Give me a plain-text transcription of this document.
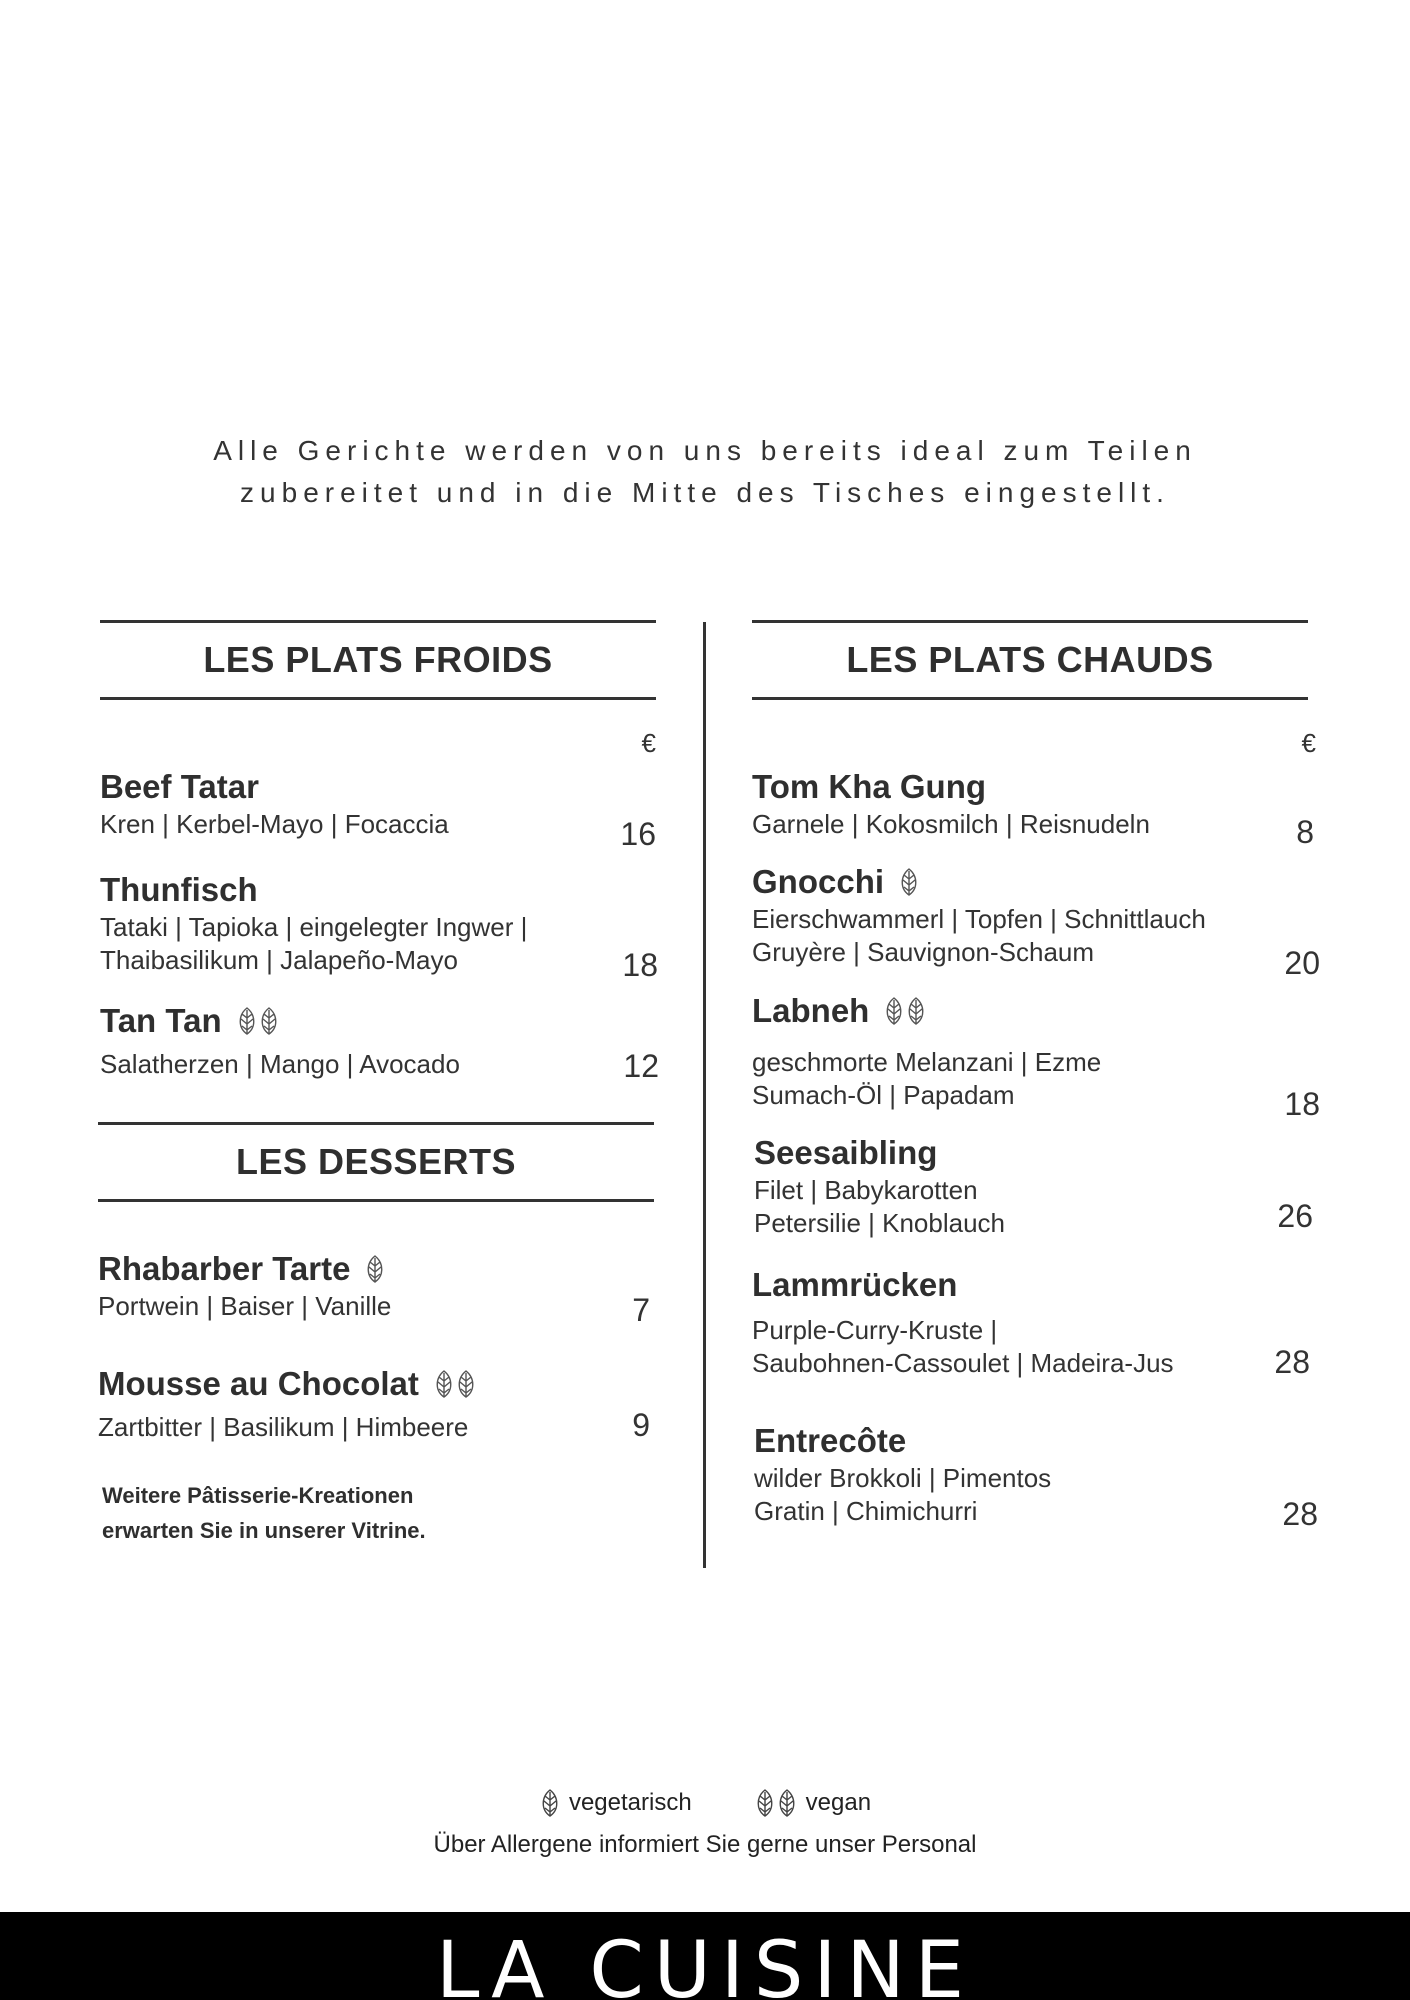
Alle Gerichte werden von uns bereits ideal zum Teilen
zubereitet und in die Mitte des Tisches eingestellt.
LES PLATS FROIDS
€
Beef Tatar
Kren | Kerbel-Mayo | Focaccia	16
Thunfisch
Tataki | Tapioka | eingelegter Ingwer |
Thaibasilikum | Jalapeño-Mayo	18
Tan Tan
Salatherzen | Mango | Avocado	12
LES DESSERTS
Rhabarber Tarte
Portwein | Baiser | Vanille	7
Mousse au Chocolat
Zartbitter | Basilikum | Himbeere	9
Weitere Pâtisserie-Kreationen
erwarten Sie in unserer Vitrine.
LES PLATS CHAUDS
€
Tom Kha Gung
Garnele | Kokosmilch | Reisnudeln	8
Gnocchi
Eierschwammerl | Topfen | Schnittlauch
Gruyère | Sauvignon-Schaum	20
Labneh
geschmorte Melanzani | Ezme
Sumach-Öl | Papadam	18
Seesaibling
Filet | Babykarotten
Petersilie | Knoblauch	26
Lammrücken
Purple-Curry-Kruste |
Saubohnen-Cassoulet | Madeira-Jus	28
Entrecôte
wilder Brokkoli | Pimentos
Gratin | Chimichurri	28
vegetarisch	vegan
Über Allergene informiert Sie gerne unser Personal
LA CUISINE
